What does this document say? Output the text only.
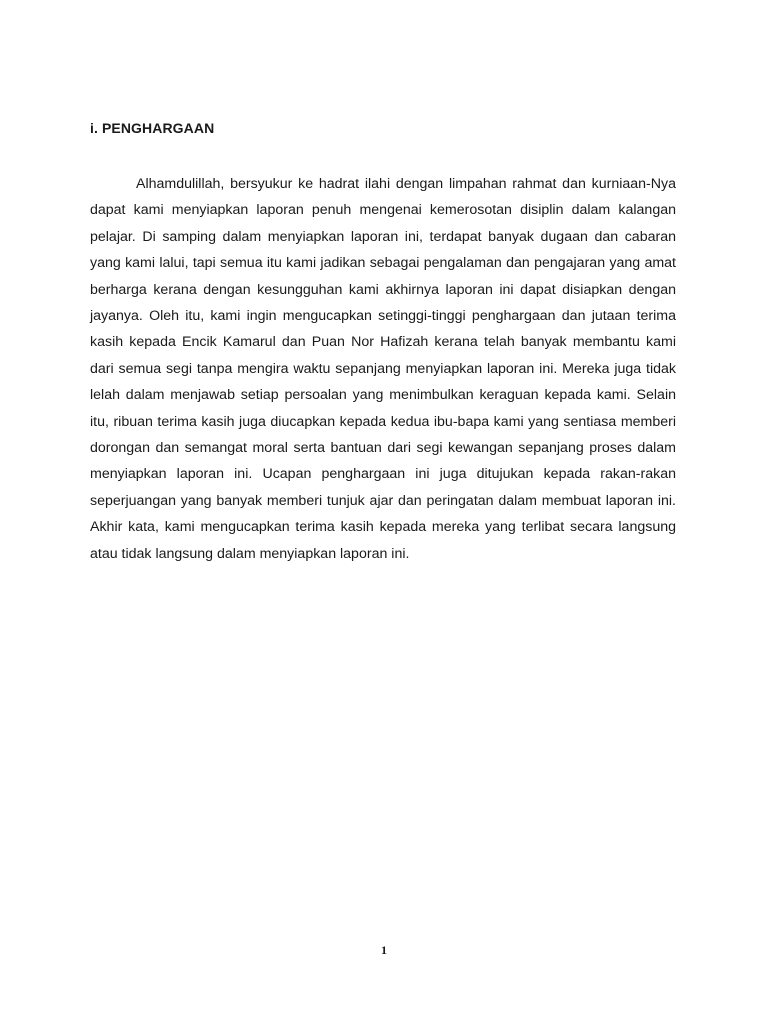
i. PENGHARGAAN

Alhamdulillah, bersyukur ke hadrat ilahi dengan limpahan rahmat dan kurniaan-Nya dapat kami menyiapkan laporan penuh mengenai kemerosotan disiplin dalam kalangan pelajar. Di samping dalam menyiapkan laporan ini, terdapat banyak dugaan dan cabaran yang kami lalui, tapi semua itu kami jadikan sebagai pengalaman dan pengajaran yang amat berharga kerana dengan kesungguhan kami akhirnya laporan ini dapat disiapkan dengan jayanya. Oleh itu, kami ingin mengucapkan setinggi-tinggi penghargaan dan jutaan terima kasih kepada Encik Kamarul dan Puan Nor Hafizah kerana telah banyak membantu kami dari semua segi tanpa mengira waktu sepanjang menyiapkan laporan ini. Mereka juga tidak lelah dalam menjawab setiap persoalan yang menimbulkan keraguan kepada kami. Selain itu, ribuan terima kasih juga diucapkan kepada kedua ibu-bapa kami yang sentiasa memberi dorongan dan semangat moral serta bantuan dari segi kewangan sepanjang proses dalam menyiapkan laporan ini. Ucapan penghargaan ini juga ditujukan kepada rakan-rakan seperjuangan yang banyak memberi tunjuk ajar dan peringatan dalam membuat laporan ini. Akhir kata, kami mengucapkan terima kasih kepada mereka yang terlibat secara langsung atau tidak langsung dalam menyiapkan laporan ini.

1
